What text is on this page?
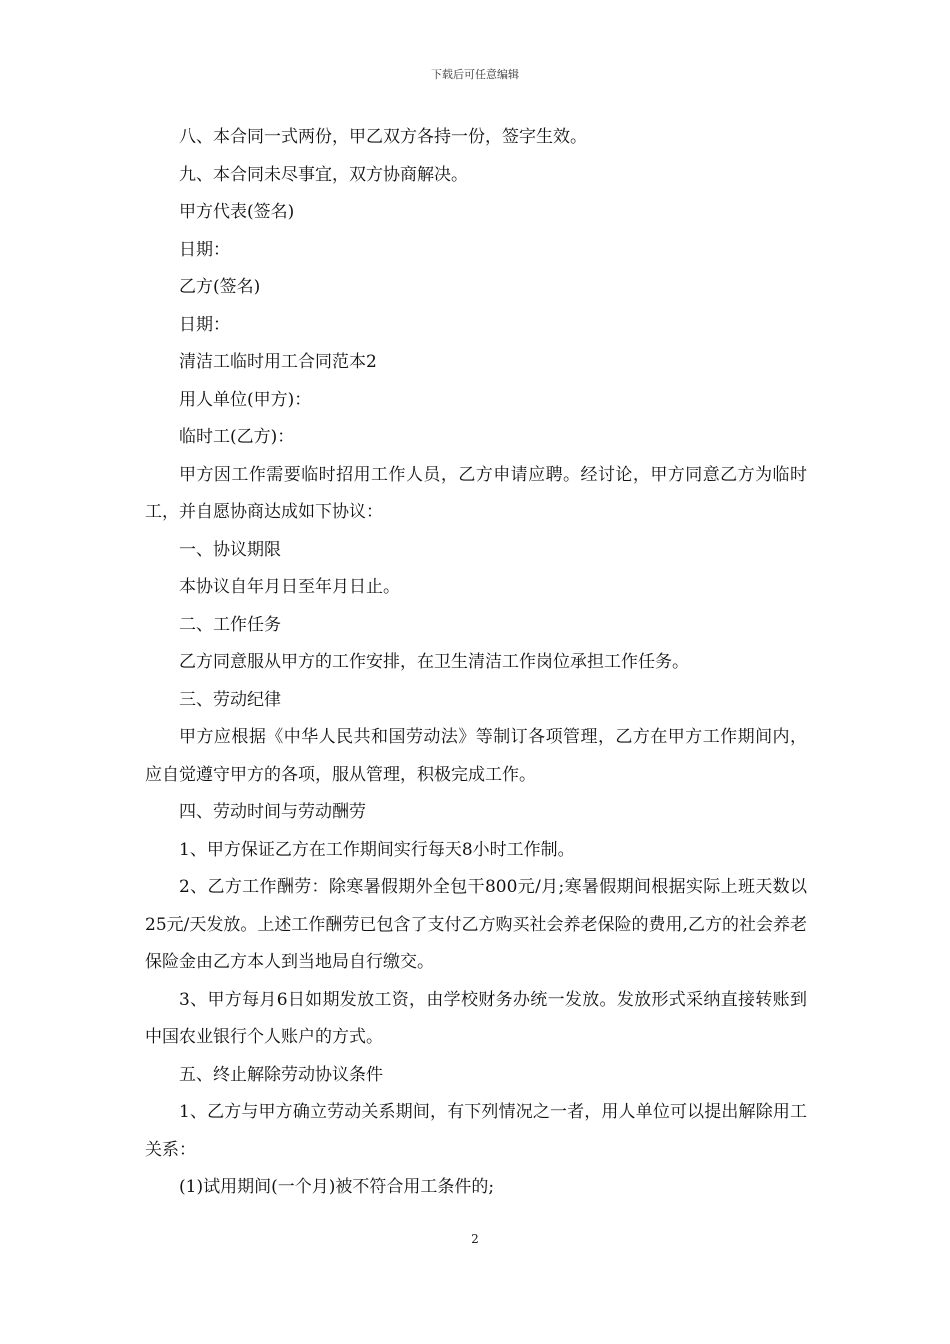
下载后可任意编辑

八、本合同一式两份，甲乙双方各持一份，签字生效。

九、本合同未尽事宜，双方协商解决。

甲方代表(签名)

日期：

乙方(签名)

日期：

清洁工临时用工合同范本2

用人单位(甲方)：

临时工(乙方)：

甲方因工作需要临时招用工作人员，乙方申请应聘。经讨论，甲方同意乙方为临时工，并自愿协商达成如下协议：

一、协议期限

本协议自年月日至年月日止。

二、工作任务

乙方同意服从甲方的工作安排，在卫生清洁工作岗位承担工作任务。

三、劳动纪律

甲方应根据《中华人民共和国劳动法》等制订各项管理，乙方在甲方工作期间内，应自觉遵守甲方的各项，服从管理，积极完成工作。

四、劳动时间与劳动酬劳

1、甲方保证乙方在工作期间实行每天8小时工作制。

2、乙方工作酬劳：除寒暑假期外全包干800元/月;寒暑假期间根据实际上班天数以25元/天发放。上述工作酬劳已包含了支付乙方购买社会养老保险的费用,乙方的社会养老保险金由乙方本人到当地局自行缴交。

3、甲方每月6日如期发放工资，由学校财务办统一发放。发放形式采纳直接转账到中国农业银行个人账户的方式。

五、终止解除劳动协议条件

1、乙方与甲方确立劳动关系期间，有下列情况之一者，用人单位可以提出解除用工关系：

(1)试用期间(一个月)被不符合用工条件的;

2
